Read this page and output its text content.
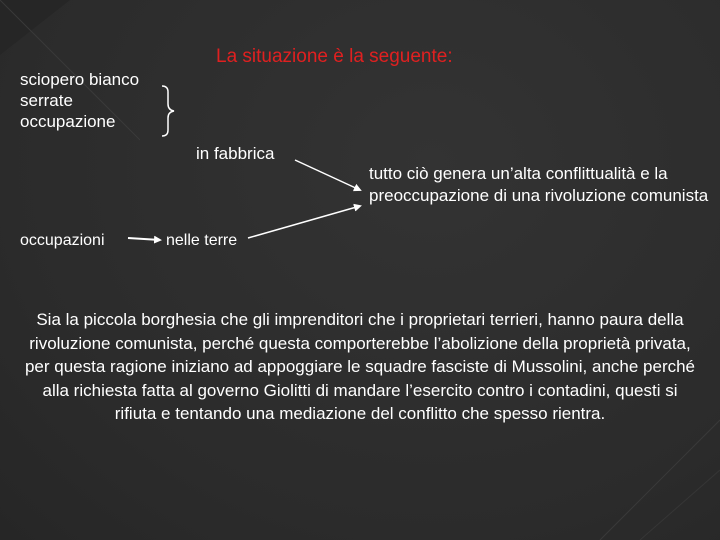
La situazione è la seguente:
sciopero bianco
serrate
occupazione
in fabbrica
tutto ciò genera un’alta conflittualità e la preoccupazione di una rivoluzione comunista
occupazioni	nelle terre
Sia la piccola borghesia che gli imprenditori che i proprietari terrieri, hanno paura della rivoluzione comunista, perché questa comporterebbe l’abolizione della proprietà privata, per questa ragione iniziano ad appoggiare le squadre fasciste di Mussolini, anche perché alla richiesta fatta al governo Giolitti di mandare l’esercito contro i contadini, questi si rifiuta e tentando una mediazione del conflitto che spesso rientra.
